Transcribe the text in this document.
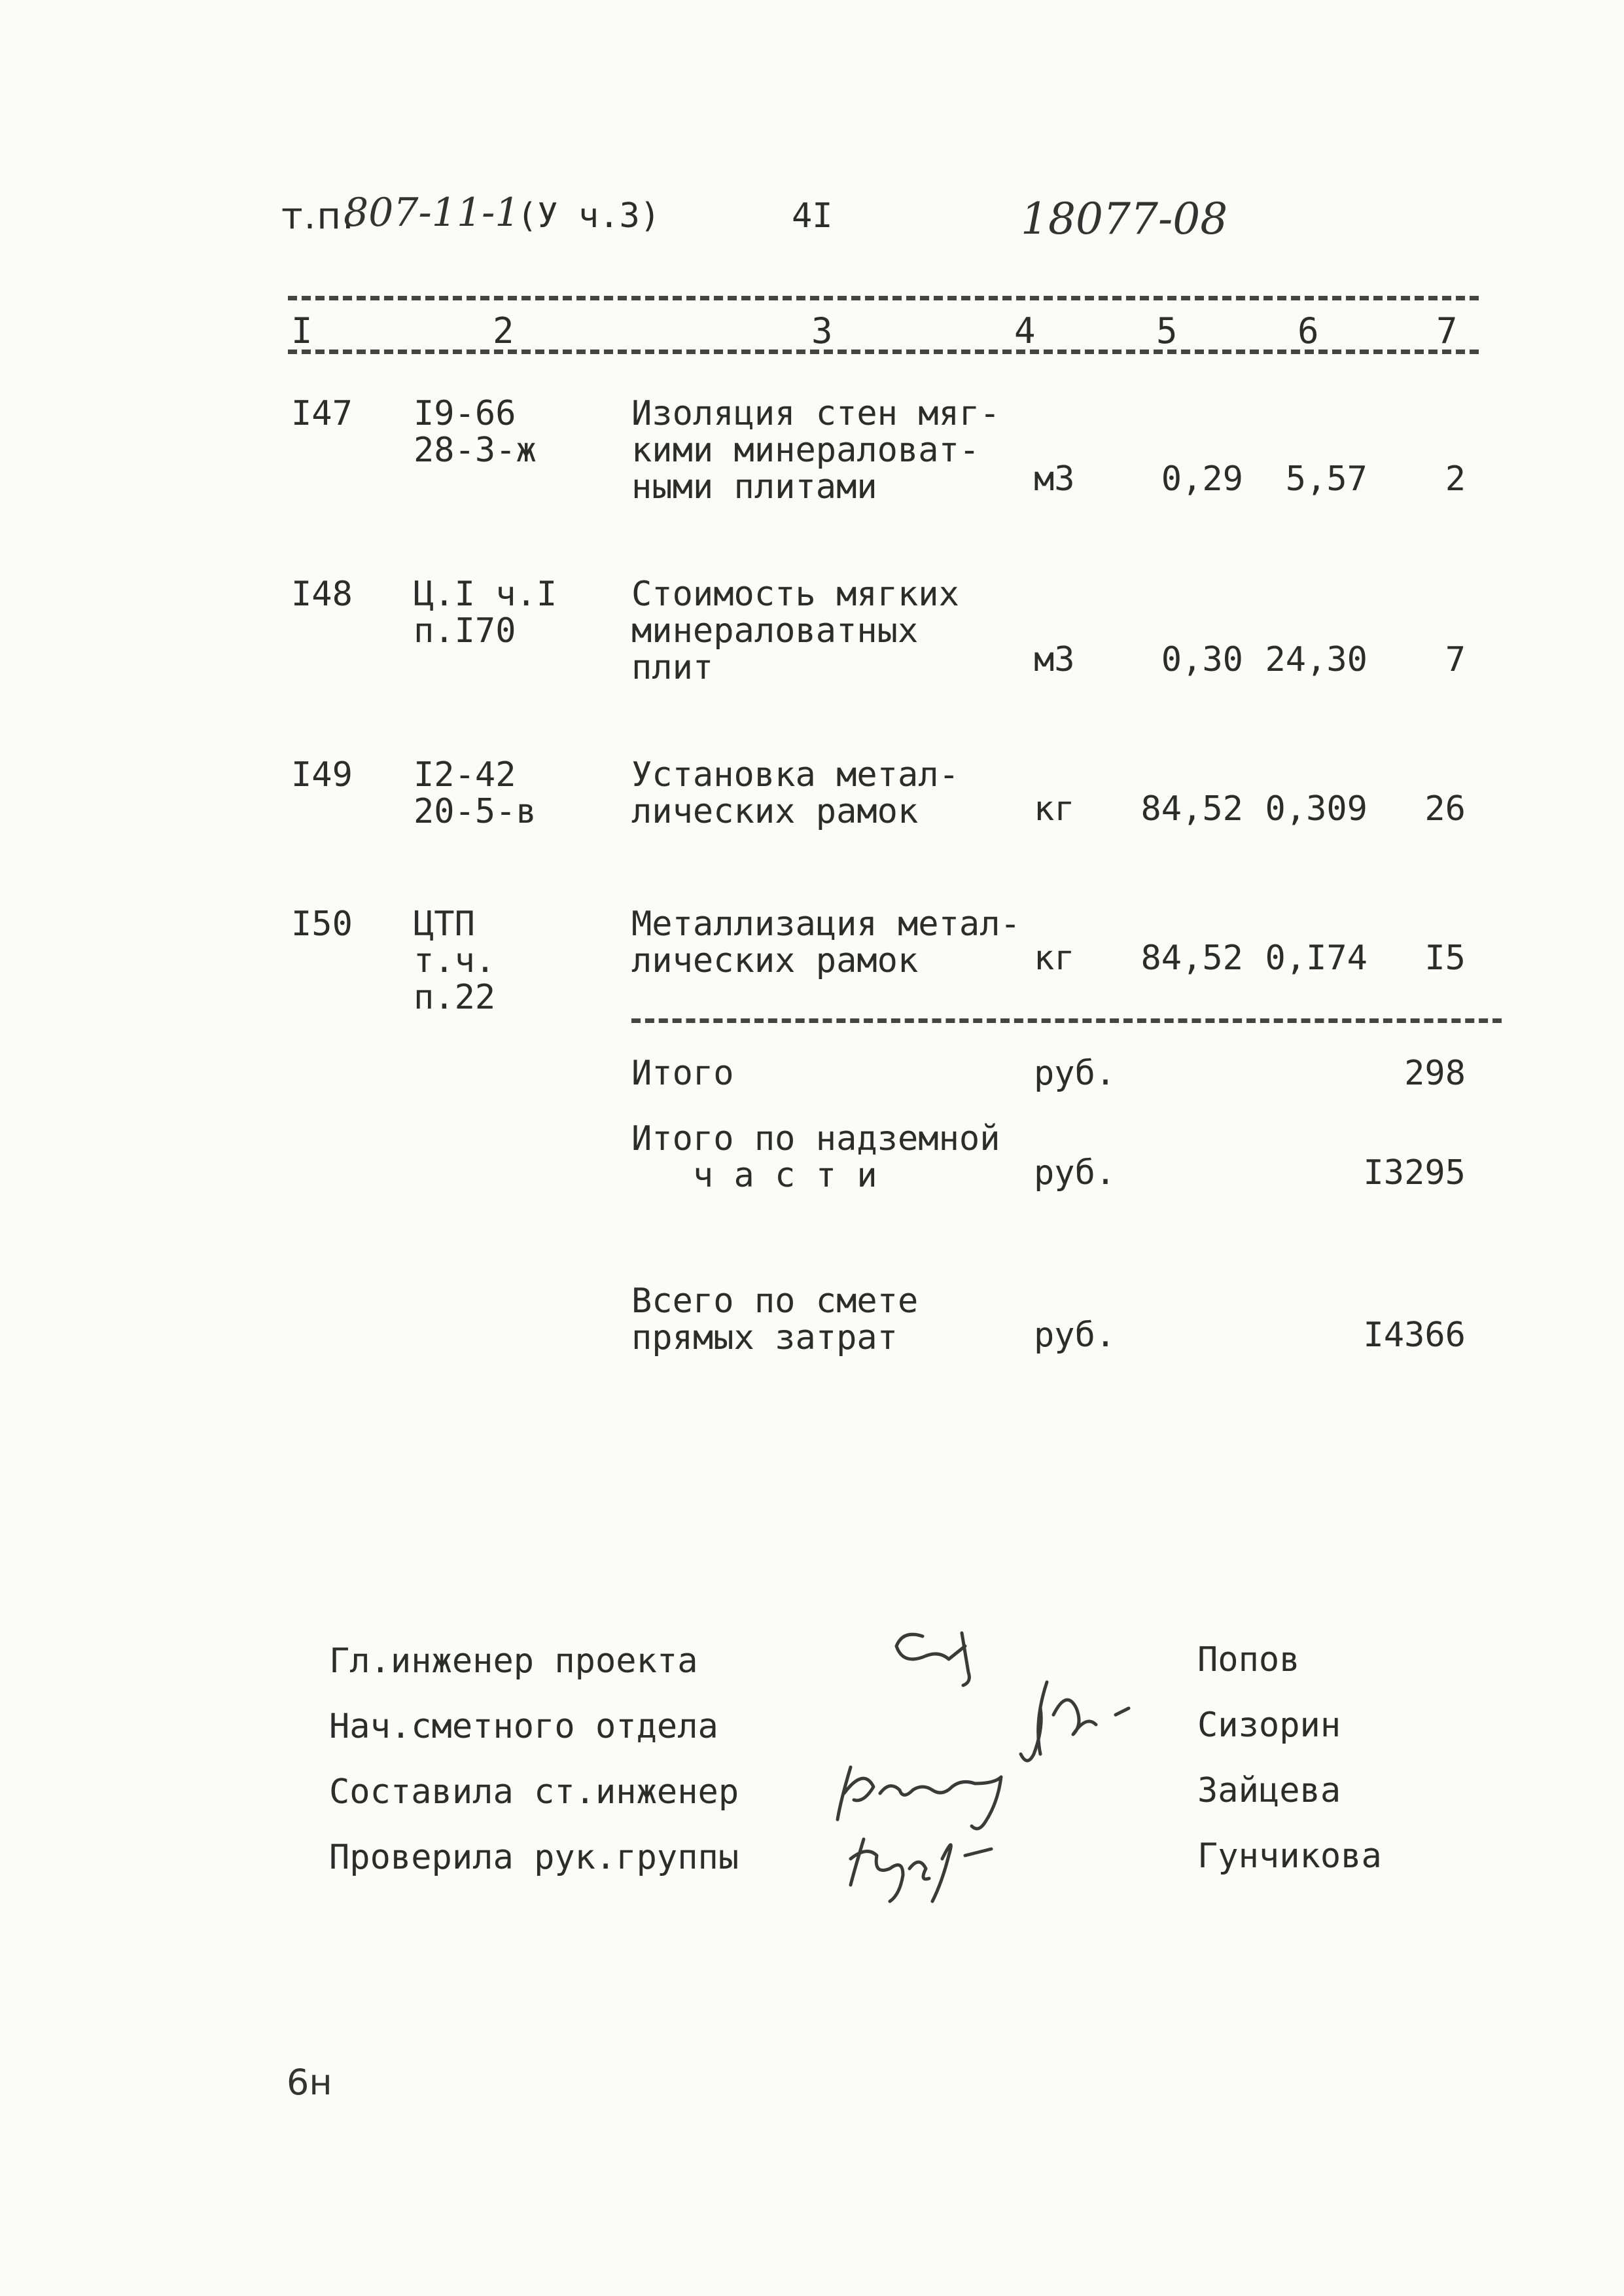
т.п.
807-11-1
(У ч.3)	4I	18077-08
I	2	3	4	5	6	7
I47 I9-66
28-3-ж
Изоляция стен мяг-
кими минераловат-
ными плитами	м3	0,29	5,57	2
I48 Ц.I ч.I
п.I70
Стоимость мягких
минераловатных
плит	м3	0,30 24,30	7
I49 I2-42
20-5-в
Установка метал-
лических рамок	кг	84,52 0,309	26
I50 ЦТП
т.ч.
п.22
Металлизация метал-
лических рамок	кг	84,52 0,I74	I5
Итого	руб.	298
Итого по надземной
ч а с т и	руб.	I3295
Всего по смете
прямых затрат	руб.	I4366
Гл.инженер проекта	Попов
Нач.сметного отдела	Сизорин
Составила ст.инженер	Зайцева
Проверила рук.группы	Гунчикова
6н
